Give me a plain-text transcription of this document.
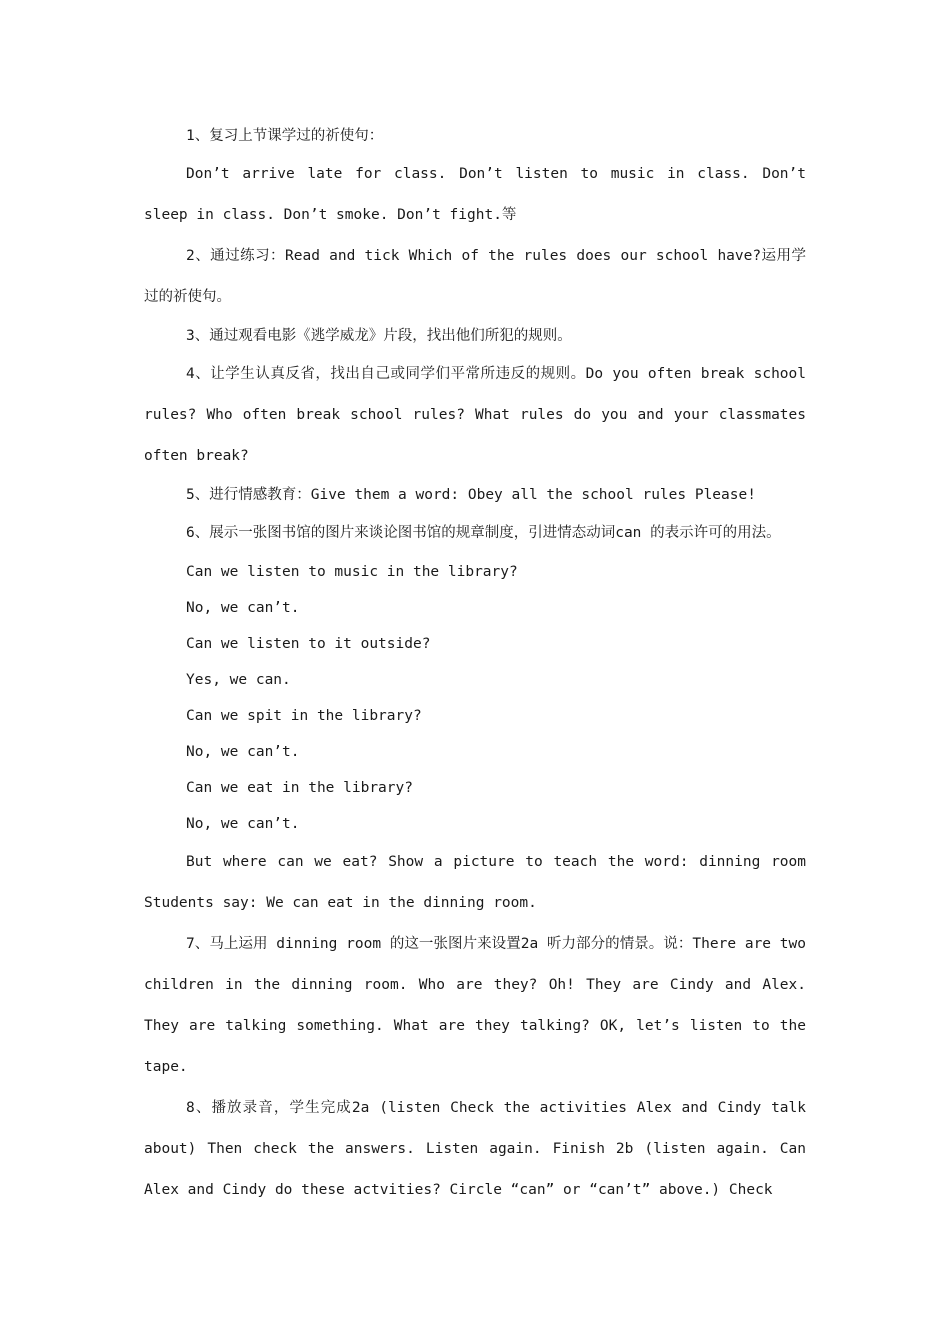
1、复习上节课学过的祈使句：

Don’t arrive late for class. Don’t listen to music in class. Don’t sleep in class. Don’t smoke. Don’t fight.等

2、通过练习：Read and tick Which of the rules does our school have?运用学过的祈使句。

3、通过观看电影《逃学威龙》片段，找出他们所犯的规则。

4、让学生认真反省，找出自己或同学们平常所违反的规则。Do you often break school rules? Who often break school rules? What rules do you and your classmates often break?

5、进行情感教育：Give them a word: Obey all the school rules Please!

6、展示一张图书馆的图片来谈论图书馆的规章制度，引进情态动词can 的表示许可的用法。

Can we listen to music in the library?

No, we can’t.

Can we listen to it outside?

Yes, we can.

Can we spit in the library?

No, we can’t.

Can we eat in the library?

No, we can’t.

But where can we eat? Show a picture to teach the word: dinning room Students say: We can eat in the dinning room.

7、马上运用 dinning room 的这一张图片来设置2a 听力部分的情景。说：There are two children in the dinning room. Who are they? Oh! They are Cindy and Alex. They are talking something. What are they talking? OK, let’s listen to the tape.

8、播放录音，学生完成2a (listen Check the activities Alex and Cindy talk about) Then check the answers. Listen again. Finish 2b (listen again. Can Alex and Cindy do these actvities? Circle “can” or “can’t” above.) Check
